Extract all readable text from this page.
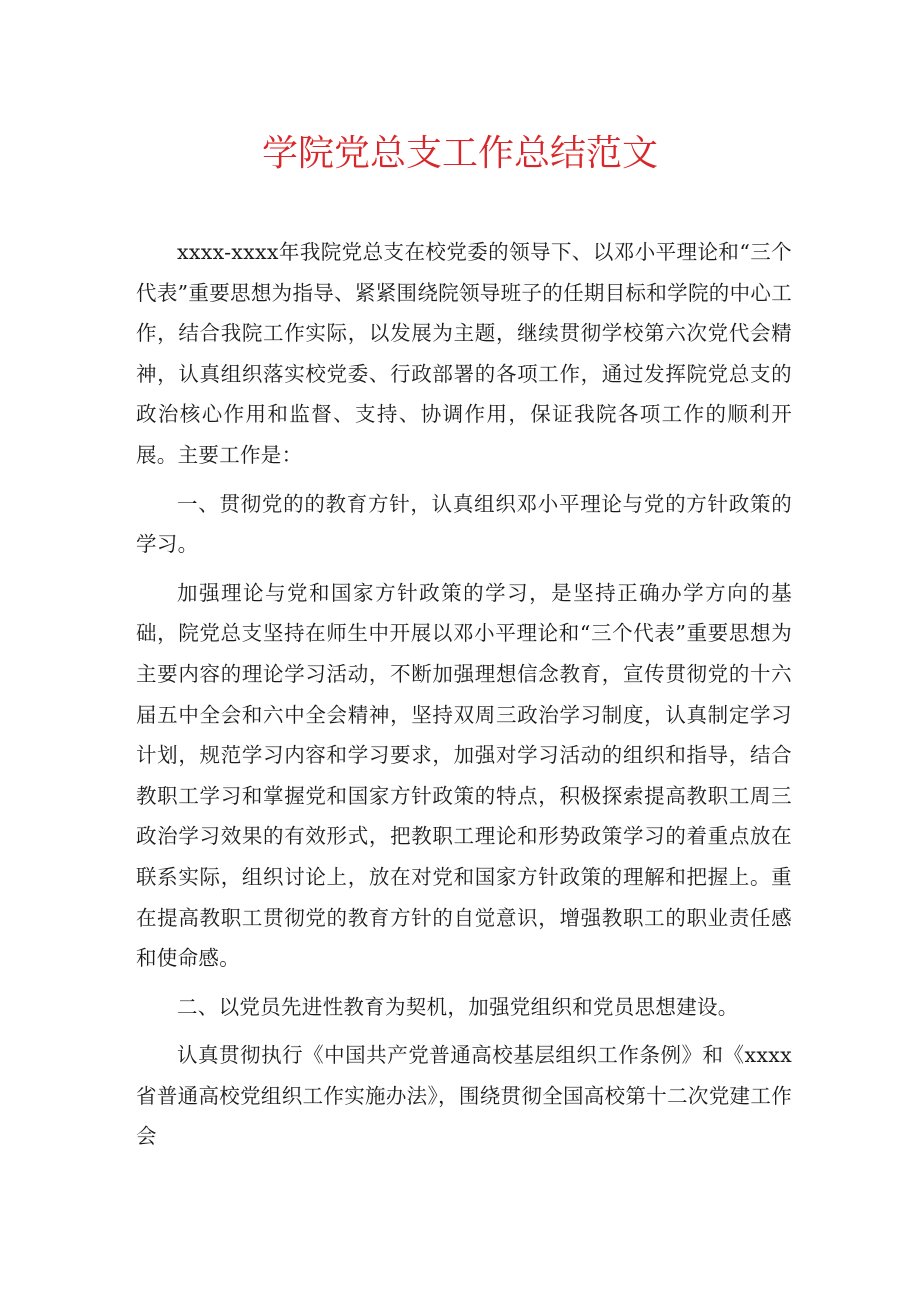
学院党总支工作总结范文

xxxx-xxxx年我院党总支在校党委的领导下、以邓小平理论和“三个代表”重要思想为指导、紧紧围绕院领导班子的任期目标和学院的中心工作，结合我院工作实际，以发展为主题，继续贯彻学校第六次党代会精神，认真组织落实校党委、行政部署的各项工作，通过发挥院党总支的政治核心作用和监督、支持、协调作用，保证我院各项工作的顺利开展。主要工作是：

一、贯彻党的的教育方针，认真组织邓小平理论与党的方针政策的学习。

加强理论与党和国家方针政策的学习，是坚持正确办学方向的基础，院党总支坚持在师生中开展以邓小平理论和“三个代表”重要思想为主要内容的理论学习活动，不断加强理想信念教育，宣传贯彻党的十六届五中全会和六中全会精神，坚持双周三政治学习制度，认真制定学习计划，规范学习内容和学习要求，加强对学习活动的组织和指导，结合教职工学习和掌握党和国家方针政策的特点，积极探索提高教职工周三政治学习效果的有效形式，把教职工理论和形势政策学习的着重点放在联系实际，组织讨论上，放在对党和国家方针政策的理解和把握上。重在提高教职工贯彻党的教育方针的自觉意识，增强教职工的职业责任感和使命感。

二、以党员先进性教育为契机，加强党组织和党员思想建设。

认真贯彻执行《中国共产党普通高校基层组织工作条例》和《xxxx省普通高校党组织工作实施办法》，围绕贯彻全国高校第十二次党建工作会
